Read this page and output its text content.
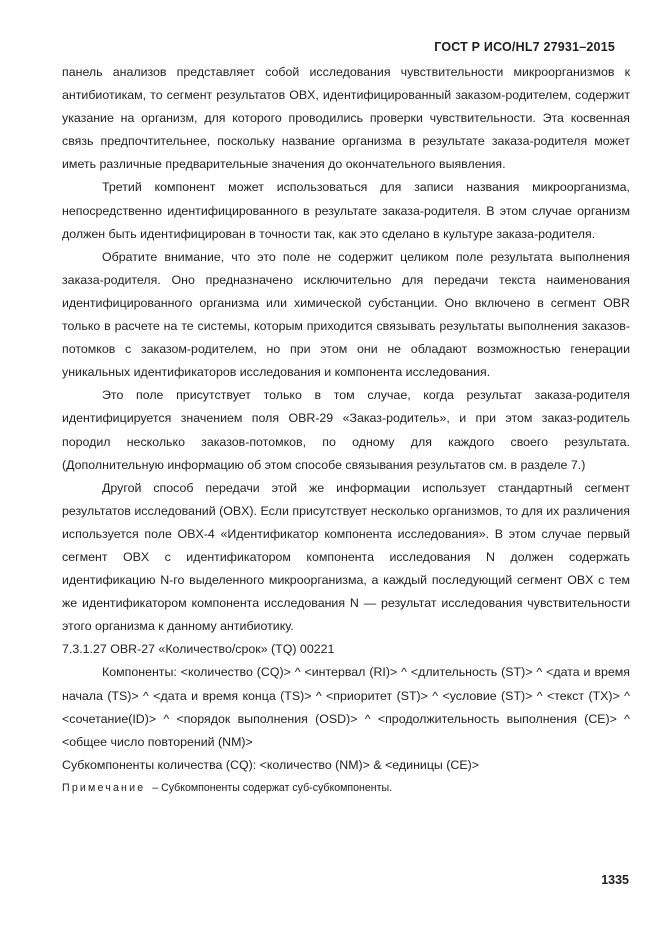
ГОСТ Р ИСО/HL7 27931–2015

панель анализов представляет собой исследования чувствительности микроорганизмов к антибиотикам, то сегмент результатов OBX, идентифицированный заказом-родителем, содержит указание на организм, для которого проводились проверки чувствительности. Эта косвенная связь предпочтительнее, поскольку название организма в результате заказа-родителя может иметь различные предварительные значения до окончательного выявления.

Третий компонент может использоваться для записи названия микроорганизма, непосредственно идентифицированного в результате заказа-родителя. В этом случае организм должен быть идентифицирован в точности так, как это сделано в культуре заказа-родителя.

Обратите внимание, что это поле не содержит целиком поле результата выполнения заказа-родителя. Оно предназначено исключительно для передачи текста наименования идентифицированного организма или химической субстанции. Оно включено в сегмент OBR только в расчете на те системы, которым приходится связывать результаты выполнения заказов-потомков с заказом-родителем, но при этом они не обладают возможностью генерации уникальных идентификаторов исследования и компонента исследования.

Это поле присутствует только в том случае, когда результат заказа-родителя идентифицируется значением поля OBR-29 «Заказ-родитель», и при этом заказ-родитель породил несколько заказов-потомков, по одному для каждого своего результата. (Дополнительную информацию об этом способе связывания результатов см. в разделе 7.)

Другой способ передачи этой же информации использует стандартный сегмент результатов исследований (OBX). Если присутствует несколько организмов, то для их различения используется поле OBX-4 «Идентификатор компонента исследования». В этом случае первый сегмент OBX с идентификатором компонента исследования N должен содержать идентификацию N-го выделенного микроорганизма, а каждый последующий сегмент OBX с тем же идентификатором компонента исследования N — результат исследования чувствительности этого организма к данному антибиотику.

7.3.1.27 OBR-27 «Количество/срок» (TQ) 00221

Компоненты: <количество (CQ)> ^ <интервал (RI)> ^ <длительность (ST)> ^ <дата и время начала (TS)> ^ <дата и время конца (TS)> ^ <приоритет (ST)> ^ <условие (ST)> ^ <текст (TX)> ^ <сочетание(ID)> ^ <порядок выполнения (OSD)> ^ <продолжительность выполнения (CE)> ^ <общее число повторений (NM)>

Субкомпоненты количества (CQ): <количество (NM)> & <единицы (CE)>

Примечание – Субкомпоненты содержат суб-субкомпоненты.

1335
